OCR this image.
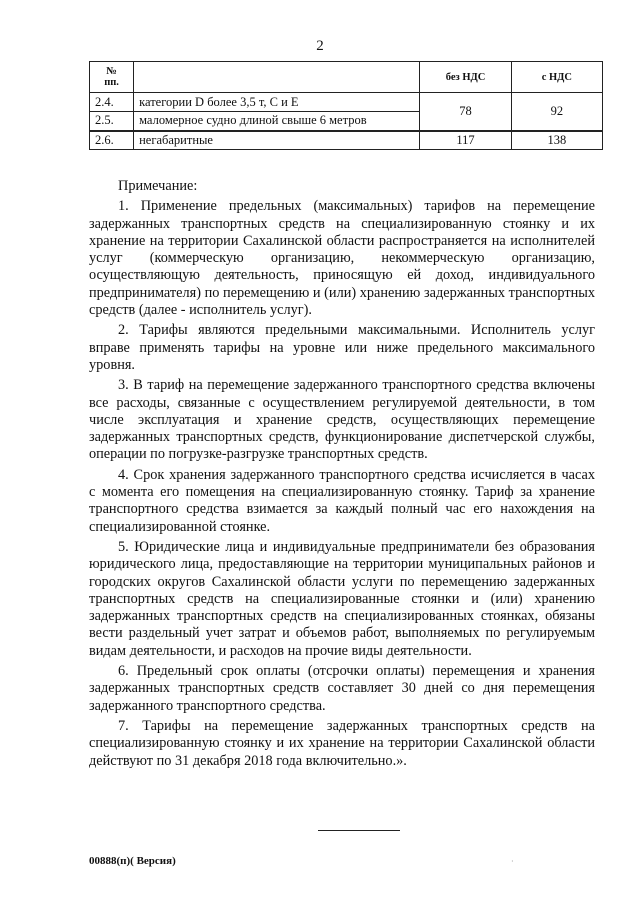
2
№
пп.		без НДС	с НДС
2.4.	категории D более 3,5 т, C и E	78	92
2.5.	маломерное судно длиной свыше 6 метров		
2.6.	негабаритные	117	138

Примечание:

1. Применение предельных (максимальных) тарифов на перемещение задержанных транспортных средств на специализированную стоянку и их хранение на территории Сахалинской области распространяется на исполнителей услуг (коммерческую организацию, некоммерческую организацию, осуществляющую деятельность, приносящую ей доход, индивидуального предпринимателя) по перемещению и (или) хранению задержанных транспортных средств (далее - исполнитель услуг).

2. Тарифы являются предельными максимальными. Исполнитель услуг вправе применять тарифы на уровне или ниже предельного максимального уровня.

3. В тариф на перемещение задержанного транспортного средства включены все расходы, связанные с осуществлением регулируемой деятельности, в том числе эксплуатация и хранение средств, осуществляющих перемещение задержанных транспортных средств, функционирование диспетчерской службы, операции по погрузке-разгрузке транспортных средств.

4. Срок хранения задержанного транспортного средства исчисляется в часах с момента его помещения на специализированную стоянку. Тариф за хранение транспортного средства взимается за каждый полный час его нахождения на специализированной стоянке.

5. Юридические лица и индивидуальные предприниматели без образования юридического лица, предоставляющие на территории муниципальных районов и городских округов Сахалинской области услуги по перемещению задержанных транспортных средств на специализированные стоянки и (или) хранению задержанных транспортных средств на специализированных стоянках, обязаны вести раздельный учет затрат и объемов работ, выполняемых по регулируемым видам деятельности, и расходов на прочие виды деятельности.

6. Предельный срок оплаты (отсрочки оплаты) перемещения и хранения задержанных транспортных средств составляет 30 дней со дня перемещения задержанного транспортного средства.

7. Тарифы на перемещение задержанных транспортных средств на специализированную стоянку и их хранение на территории Сахалинской области действуют по 31 декабря 2018 года включительно.».

00888(п)( Версия)	·
